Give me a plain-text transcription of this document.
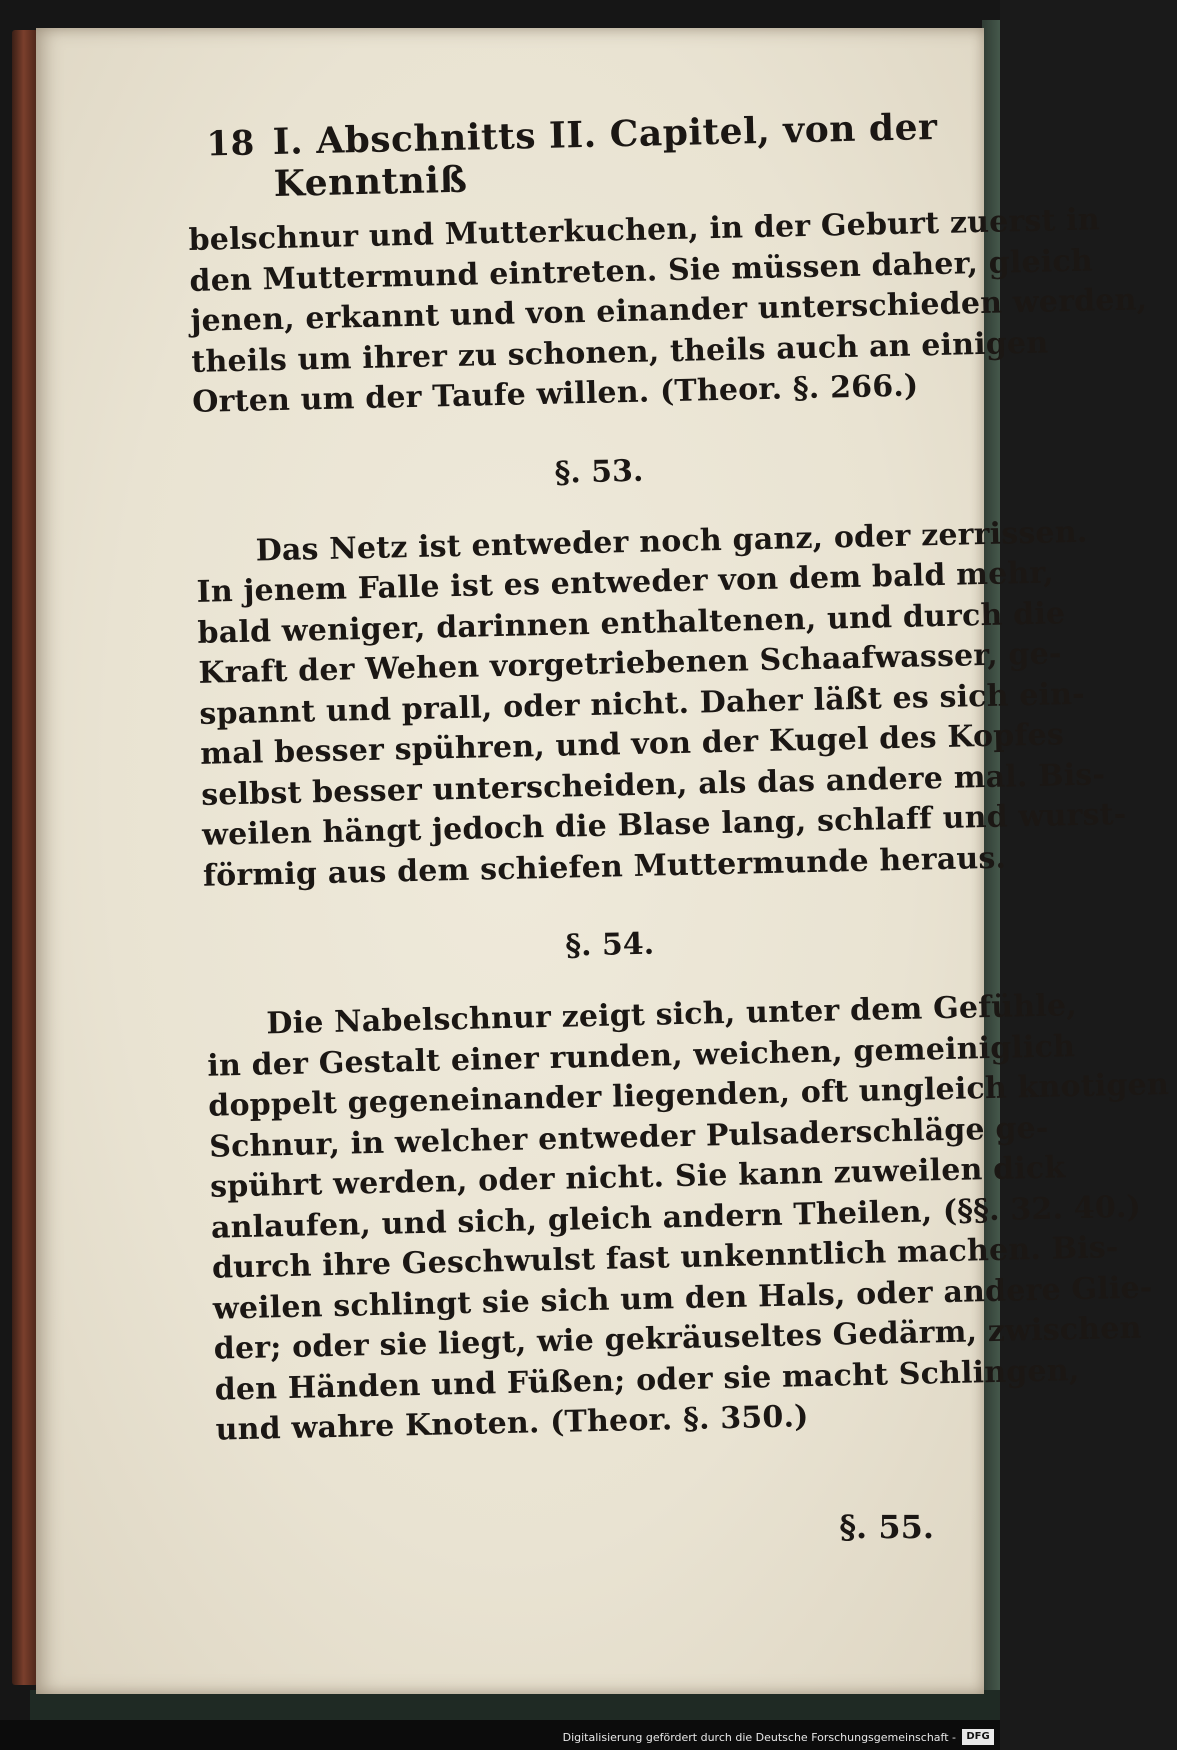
18 I. Abschnitts II. Capitel, von der Kenntniß
belschnur und Mutterkuchen, in der Geburt zuerst in
den Muttermund eintreten. Sie müssen daher, gleich
jenen, erkannt und von einander unterschieden werden,
theils um ihrer zu schonen, theils auch an einigen
Orten um der Taufe willen. (Theor. §. 266.)
§. 53.
Das Netz ist entweder noch ganz, oder zerrissen.
In jenem Falle ist es entweder von dem bald mehr,
bald weniger, darinnen enthaltenen, und durch die
Kraft der Wehen vorgetriebenen Schaafwasser, ge-
spannt und prall, oder nicht. Daher läßt es sich ein-
mal besser spühren, und von der Kugel des Kopfes
selbst besser unterscheiden, als das andere mal. Bis-
weilen hängt jedoch die Blase lang, schlaff und wurst-
förmig aus dem schiefen Muttermunde heraus.
§. 54.
Die Nabelschnur zeigt sich, unter dem Gefühle,
in der Gestalt einer runden, weichen, gemeiniglich
doppelt gegeneinander liegenden, oft ungleich knotigen
Schnur, in welcher entweder Pulsaderschläge ge-
spührt werden, oder nicht. Sie kann zuweilen dick
anlaufen, und sich, gleich andern Theilen, (§§. 32. 40.)
durch ihre Geschwulst fast unkenntlich machen. Bis-
weilen schlingt sie sich um den Hals, oder andere Glie-
der; oder sie liegt, wie gekräuseltes Gedärm, zwischen
den Händen und Füßen; oder sie macht Schlingen,
und wahre Knoten. (Theor. §. 350.)
§. 55.
Digitalisierung gefördert durch die Deutsche Forschungsgemeinschaft -	DFG
